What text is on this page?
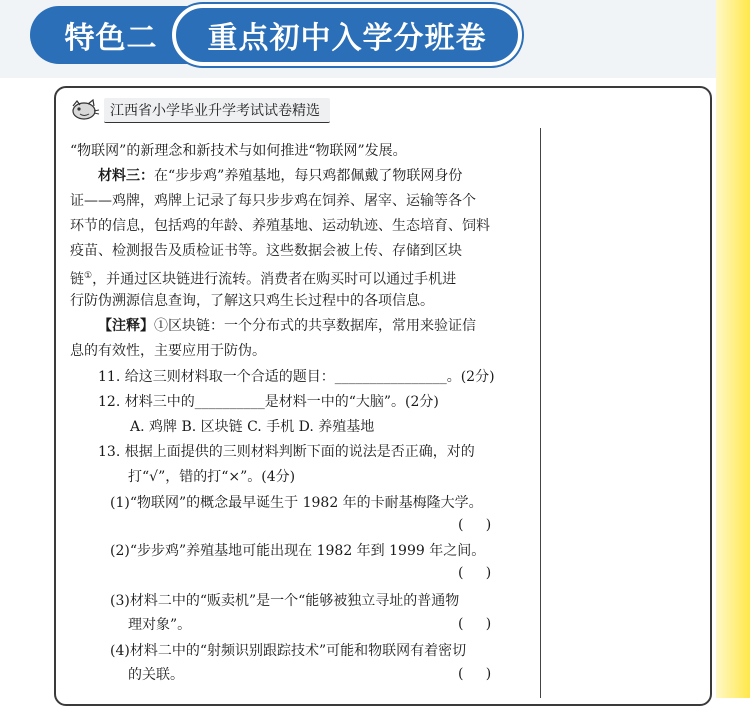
特色二 重点初中入学分班卷
江西省小学毕业升学考试试卷精选
“物联网”的新理念和新技术与如何推进“物联网”发展。
材料三：在“步步鸡”养殖基地，每只鸡都佩戴了物联网身份
证——鸡牌，鸡牌上记录了每只步步鸡在饲养、屠宰、运输等各个
环节的信息，包括鸡的年龄、养殖基地、运动轨迹、生态培育、饲料
疫苗、检测报告及质检证书等。这些数据会被上传、存储到区块
链①，并通过区块链进行流转。消费者在购买时可以通过手机进
行防伪溯源信息查询，了解这只鸡生长过程中的各项信息。
【注释】①区块链：一个分布式的共享数据库，常用来验证信
息的有效性，主要应用于防伪。
11. 给这三则材料取一个合适的题目：________________。(2分)
12. 材料三中的__________是材料一中的“大脑”。(2分)
A. 鸡牌 B. 区块链 C. 手机 D. 养殖基地
13. 根据上面提供的三则材料判断下面的说法是否正确，对的
打“√”，错的打“×”。(4分)
(1)“物联网”的概念最早诞生于 1982 年的卡耐基梅隆大学。
(     )
(2)“步步鸡”养殖基地可能出现在 1982 年到 1999 年之间。
(     )
(3)材料二中的“贩卖机”是一个“能够被独立寻址的普通物
理对象”。	(     )
(4)材料二中的“射频识别跟踪技术”可能和物联网有着密切
的关联。	(     )
